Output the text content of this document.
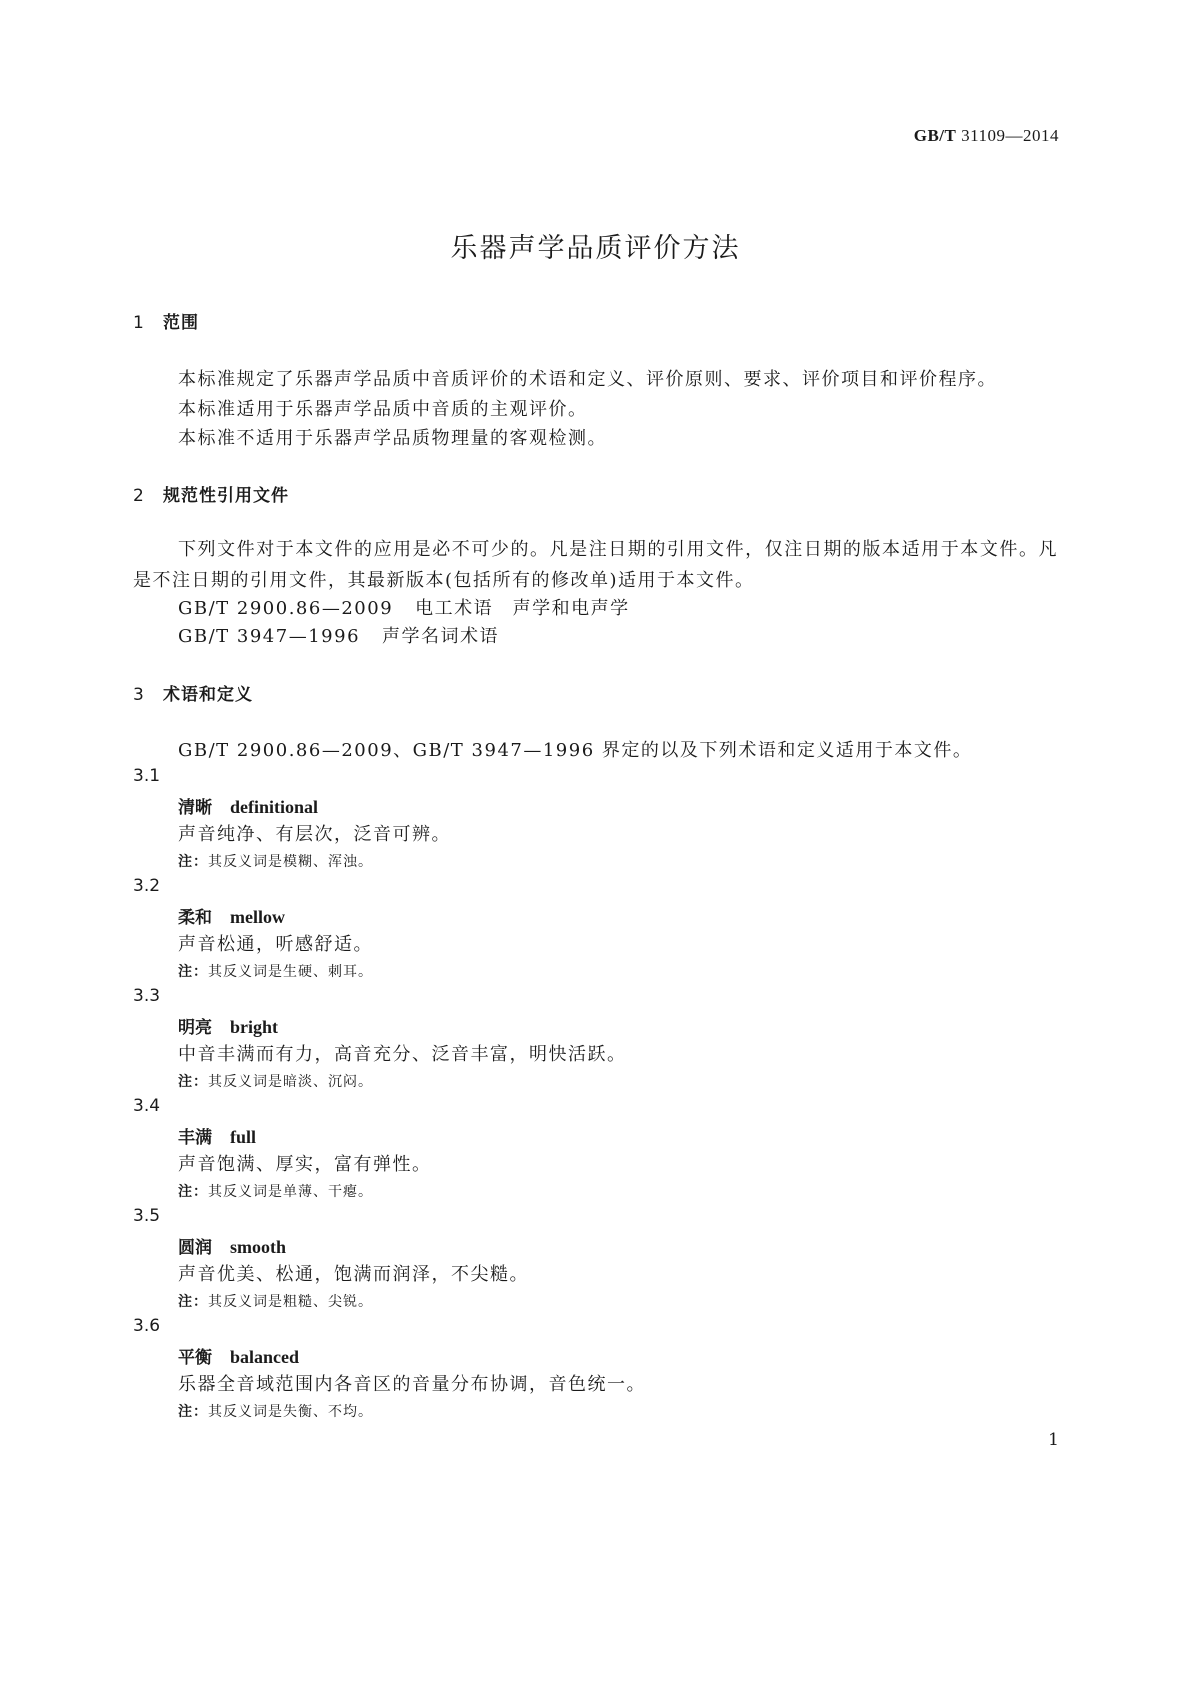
GB/T 31109—2014
乐器声学品质评价方法
1 范围
本标准规定了乐器声学品质中音质评价的术语和定义、评价原则、要求、评价项目和评价程序。
本标准适用于乐器声学品质中音质的主观评价。
本标准不适用于乐器声学品质物理量的客观检测。
2 规范性引用文件
下列文件对于本文件的应用是必不可少的。凡是注日期的引用文件，仅注日期的版本适用于本文件。凡是不注日期的引用文件，其最新版本(包括所有的修改单)适用于本文件。
GB/T 2900.86—2009 电工术语　声学和电声学
GB/T 3947—1996 声学名词术语
3 术语和定义
GB/T 2900.86—2009、GB/T 3947—1996 界定的以及下列术语和定义适用于本文件。
3.1
清晰 definitional
声音纯净、有层次，泛音可辨。
注：其反义词是模糊、浑浊。
3.2
柔和 mellow
声音松通，听感舒适。
注：其反义词是生硬、刺耳。
3.3
明亮 bright
中音丰满而有力，高音充分、泛音丰富，明快活跃。
注：其反义词是暗淡、沉闷。
3.4
丰满 full
声音饱满、厚实，富有弹性。
注：其反义词是单薄、干瘪。
3.5
圆润 smooth
声音优美、松通，饱满而润泽，不尖糙。
注：其反义词是粗糙、尖锐。
3.6
平衡 balanced
乐器全音域范围内各音区的音量分布协调，音色统一。
注：其反义词是失衡、不均。
1
